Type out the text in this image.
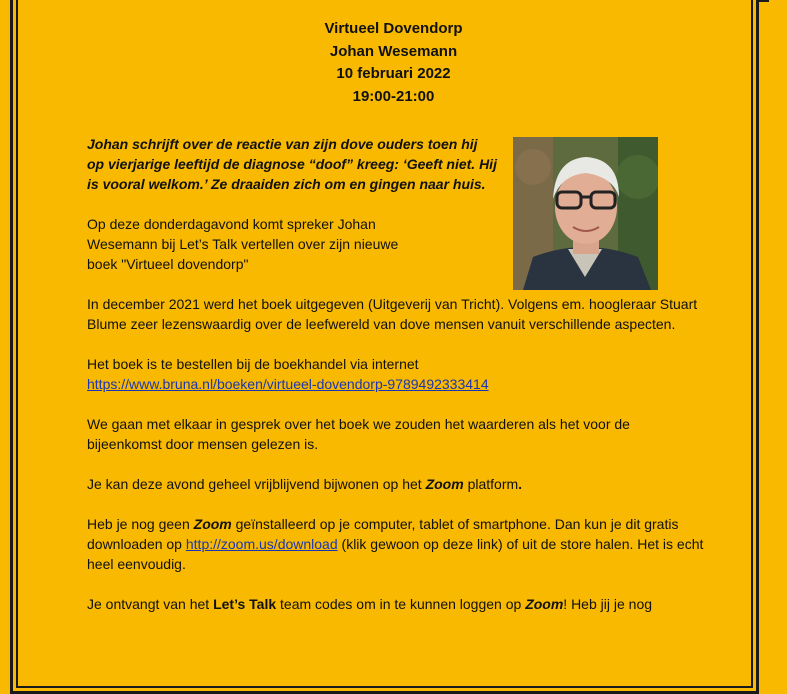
Virtueel Dovendorp
Johan Wesemann
10 februari 2022
19:00-21:00

Johan schrijft over de reactie van zijn dove ouders toen hij op vierjarige leeftijd de diagnose “doof” kreeg: ‘Geeft niet. Hij is vooral welkom.’ Ze draaiden zich om en gingen naar huis.

Op deze donderdagavond komt spreker Johan Wesemann bij Let’s Talk vertellen over zijn nieuwe boek "Virtueel dovendorp"

In december 2021 werd het boek uitgegeven (Uitgeverij van Tricht). Volgens em. hoogleraar Stuart Blume zeer lezenswaardig over de leefwereld van dove mensen vanuit verschillende aspecten.

Het boek is te bestellen bij de boekhandel via internet
https://www.bruna.nl/boeken/virtueel-dovendorp-9789492333414

We gaan met elkaar in gesprek over het boek we zouden het waarderen als het voor de bijeenkomst door mensen gelezen is.

Je kan deze avond geheel vrijblijvend bijwonen op het Zoom platform.

Heb je nog geen Zoom geïnstalleerd op je computer, tablet of smartphone. Dan kun je dit gratis downloaden op http://zoom.us/download (klik gewoon op deze link) of uit de store halen. Het is echt heel eenvoudig.

Je ontvangt van het Let’s Talk team codes om in te kunnen loggen op Zoom! Heb jij je nog
